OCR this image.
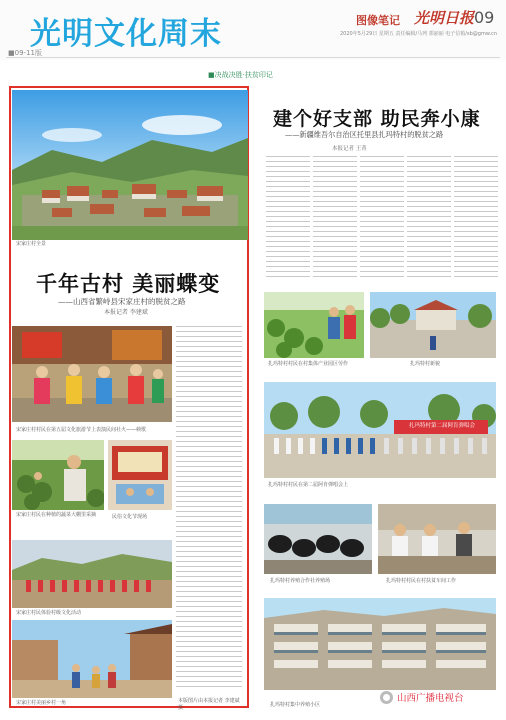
光明文化周末
■09-11版
图像笔记 光明日报 09
2020年5月29日 星期五 责任编辑/马列 郭丽丽 电子信箱/sb@gmw.cn
■决战决胜·扶贫印记
宋家庄村全景
千年古村 美丽蝶变
——山西省繁峙县宋家庄村的脱贫之路
本报记者 李建斌
宋家庄村村民在第五届文化旅游节上表演民间社火——秧歌
宋家庄村民在种植的蔬菜大棚里采摘	民俗文化节现场
宋家庄村民体验村级文化活动
宋家庄村美丽乡村一角	本版图片由本报记者 李建斌摄
建个好支部 助民奔小康
——新疆维吾尔自治区托里县扎玛特村的脱贫之路
本报记者 王菁
扎玛特村村民在村集体产业园区劳作	扎玛特村新貌
扎玛特村第二届阿肯弹唱会
扎玛特村村民在第二届阿肯弹唱会上
扎玛特村养殖合作社养殖场	扎玛特村村民在村扶贫车间工作
扎玛特村集中养殖小区
山西广播电视台
